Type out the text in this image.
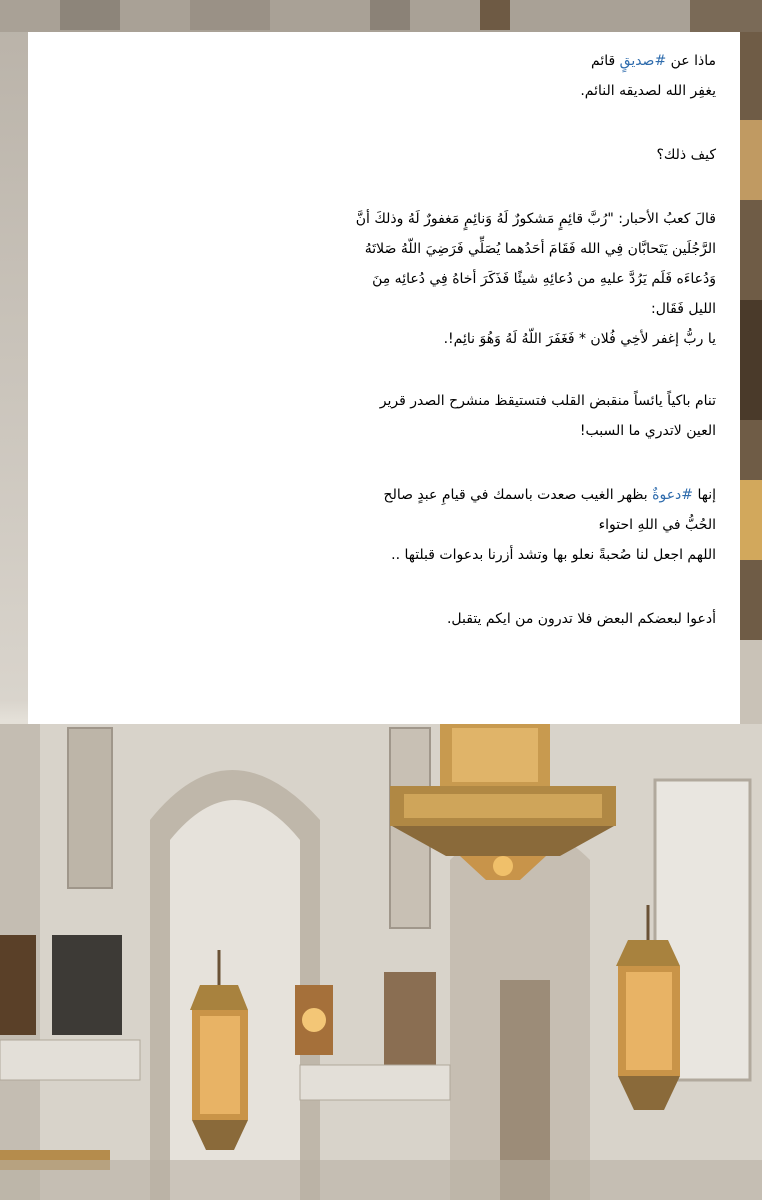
ماذا عن #صديقٍ قائم
يغفِر الله لصديقه النائم.

كيف ذلك؟

قالَ كعبُ الأحبار: "رُبَّ قائِمٍ مَشكورٌ لَهُ وَنائِمٍ مَغفورٌ لَهُ وذلكَ أنَّ
الرَّجُلَين يَتَحابَّان فِي الله فَقَامَ أحَدُهما يُصَلِّي فَرَضِيَ اللّهُ صَلاتَهُ
وَدُعاءَه فَلَم يَرُدَّ عليهِ من دُعائِهِ شيئًا فَذَكَرَ أخاهُ فِي دُعائِه مِنَ
الليل فَقَال:
يا ربُّ إغفر لأخِي فُلان * فَغَفَرَ اللّهُ لَهُ وَهُوَ نائِم!.

تنام باكياً يائساً منقبض القلب فتستيقظ منشرح الصدر قرير
العين لاتدري ما السبب!

إنها #دعوةٌ بظهر الغيب صعدت باسمك في قيامِ عبدٍ صالح
الحُبُّ في اللهِ احتواء
اللهم اجعل لنا صُحبةً نعلو بها وتشد أزرنا بدعوات قبلتها ..

أدعوا لبعضكم البعض فلا تدرون من ايكم يتقبل.
